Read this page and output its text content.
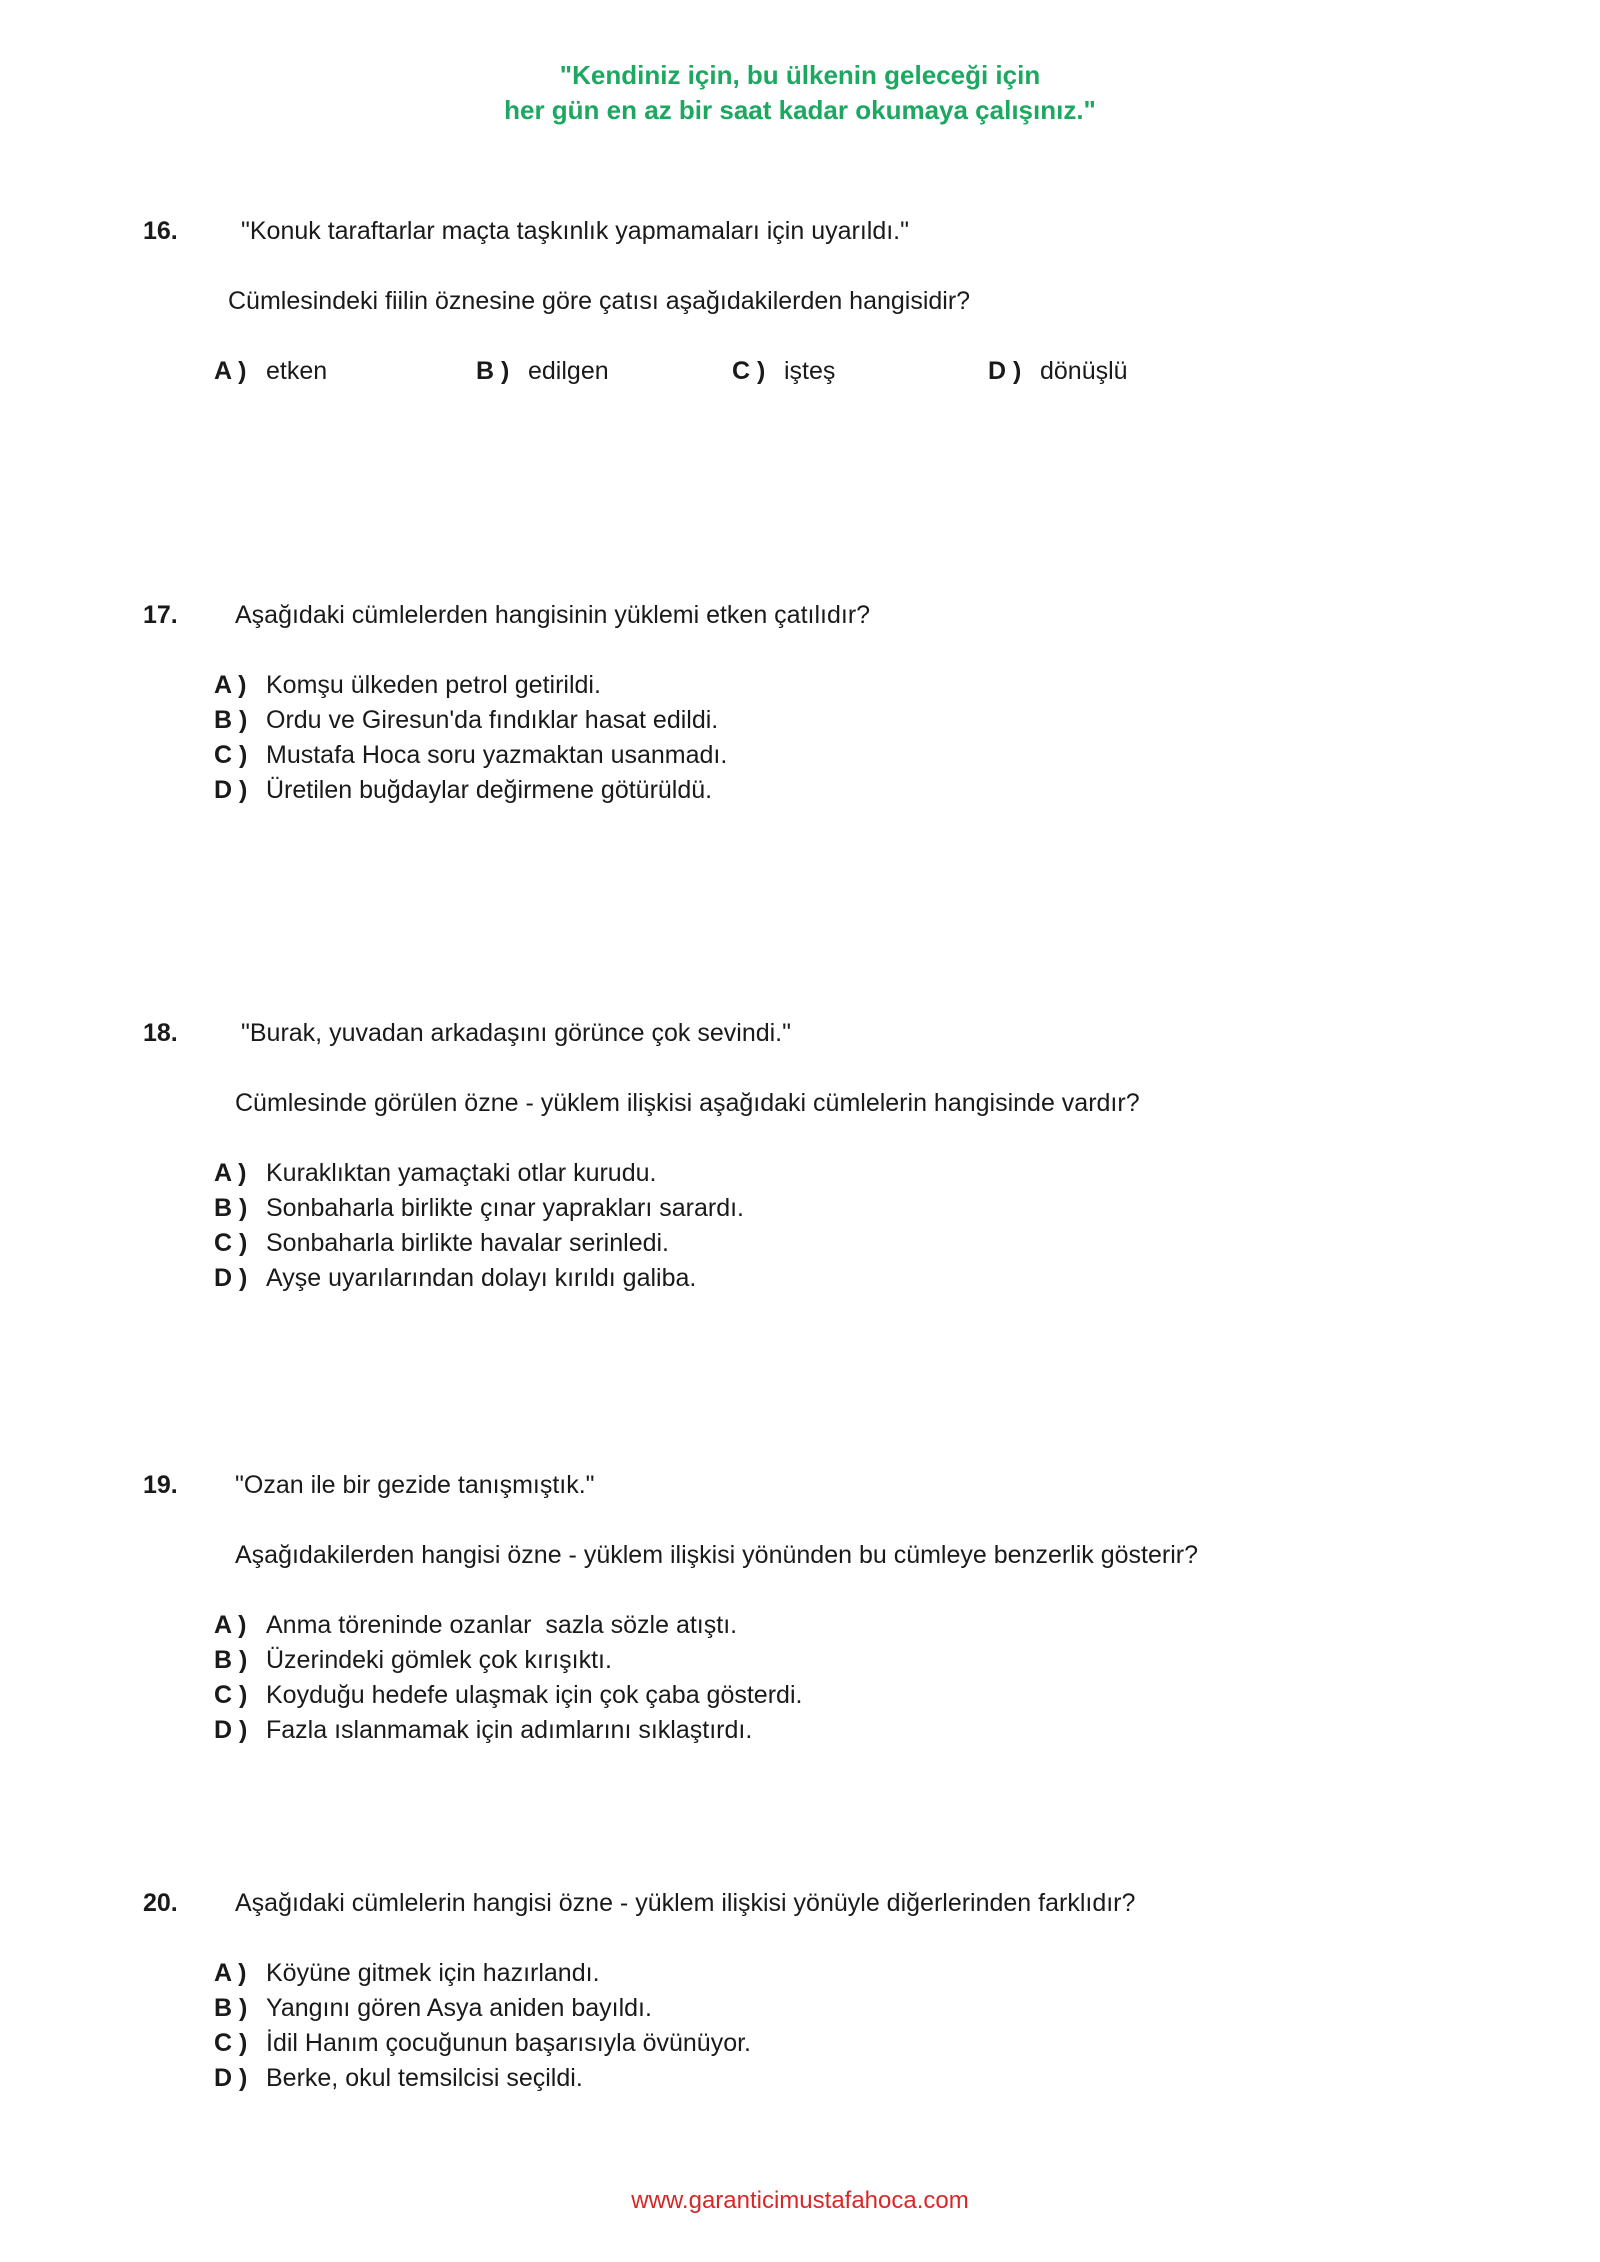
"Kendiniz için, bu ülkenin geleceği için
her gün en az bir saat kadar okumaya çalışınız."
16.	"Konuk taraftarlar maçta taşkınlık yapmamaları için uyarıldı."
Cümlesindeki fiilin öznesine göre çatısı aşağıdakilerden hangisidir?
A ) etken	B ) edilgen	C ) işteş	D ) dönüşlü
17. Aşağıdaki cümlelerden hangisinin yüklemi etken çatılıdır?
A ) Komşu ülkeden petrol getirildi.
B ) Ordu ve Giresun'da fındıklar hasat edildi.
C ) Mustafa Hoca soru yazmaktan usanmadı.
D ) Üretilen buğdaylar değirmene götürüldü.
18.	"Burak, yuvadan arkadaşını görünce çok sevindi."
Cümlesinde görülen özne - yüklem ilişkisi aşağıdaki cümlelerin hangisinde vardır?
A ) Kuraklıktan yamaçtaki otlar kurudu.
B ) Sonbaharla birlikte çınar yaprakları sarardı.
C ) Sonbaharla birlikte havalar serinledi.
D ) Ayşe uyarılarından dolayı kırıldı galiba.
19. "Ozan ile bir gezide tanışmıştık."
Aşağıdakilerden hangisi özne - yüklem ilişkisi yönünden bu cümleye benzerlik gösterir?
A ) Anma töreninde ozanlar  sazla sözle atıştı.
B ) Üzerindeki gömlek çok kırışıktı.
C ) Koyduğu hedefe ulaşmak için çok çaba gösterdi.
D ) Fazla ıslanmamak için adımlarını sıklaştırdı.
20. Aşağıdaki cümlelerin hangisi özne - yüklem ilişkisi yönüyle diğerlerinden farklıdır?
A ) Köyüne gitmek için hazırlandı.
B ) Yangını gören Asya aniden bayıldı.
C ) İdil Hanım çocuğunun başarısıyla övünüyor.
D ) Berke, okul temsilcisi seçildi.
www.garanticimustafahoca.com
